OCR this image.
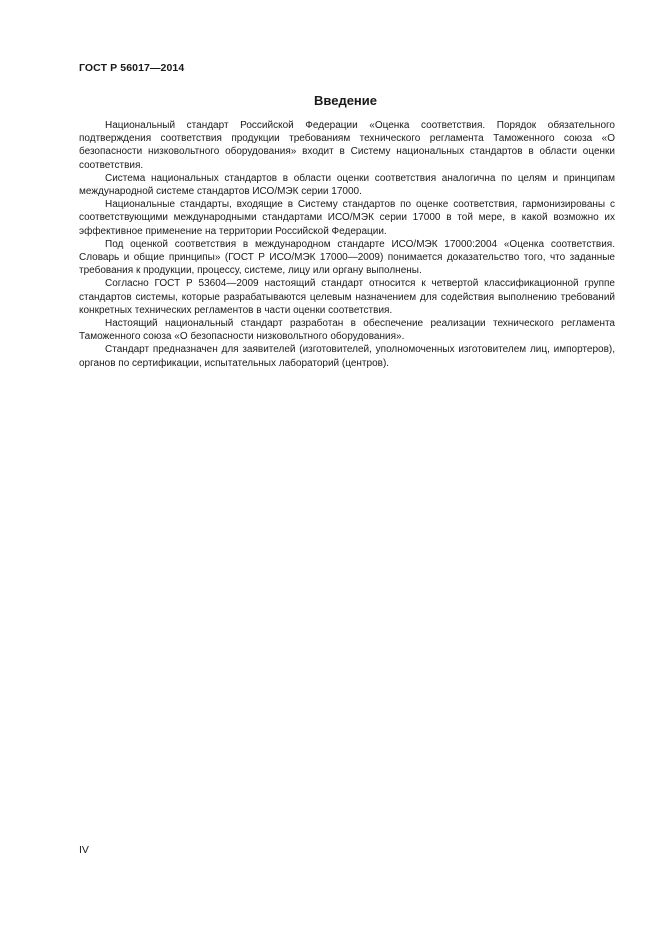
ГОСТ Р 56017—2014

Введение

Национальный стандарт Российской Федерации «Оценка соответствия. Порядок обязательного подтверждения соответствия продукции требованиям технического регламента Таможенного союза «О безопасности низковольтного оборудования» входит в Систему национальных стандартов в области оценки соответствия.

Система национальных стандартов в области оценки соответствия аналогична по целям и принципам международной системе стандартов ИСО/МЭК серии 17000.

Национальные стандарты, входящие в Систему стандартов по оценке соответствия, гармонизированы с соответствующими международными стандартами ИСО/МЭК серии 17000 в той мере, в какой возможно их эффективное применение на территории Российской Федерации.

Под оценкой соответствия в международном стандарте ИСО/МЭК 17000:2004 «Оценка соответствия. Словарь и общие принципы» (ГОСТ Р ИСО/МЭК 17000—2009) понимается доказательство того, что заданные требования к продукции, процессу, системе, лицу или органу выполнены.

Согласно ГОСТ Р 53604—2009 настоящий стандарт относится к четвертой классификационной группе стандартов системы, которые разрабатываются целевым назначением для содействия выполнению требований конкретных технических регламентов в части оценки соответствия.

Настоящий национальный стандарт разработан в обеспечение реализации технического регламента Таможенного союза «О безопасности низковольтного оборудования».

Стандарт предназначен для заявителей (изготовителей, уполномоченных изготовителем лиц, импортеров), органов по сертификации, испытательных лабораторий (центров).

IV
